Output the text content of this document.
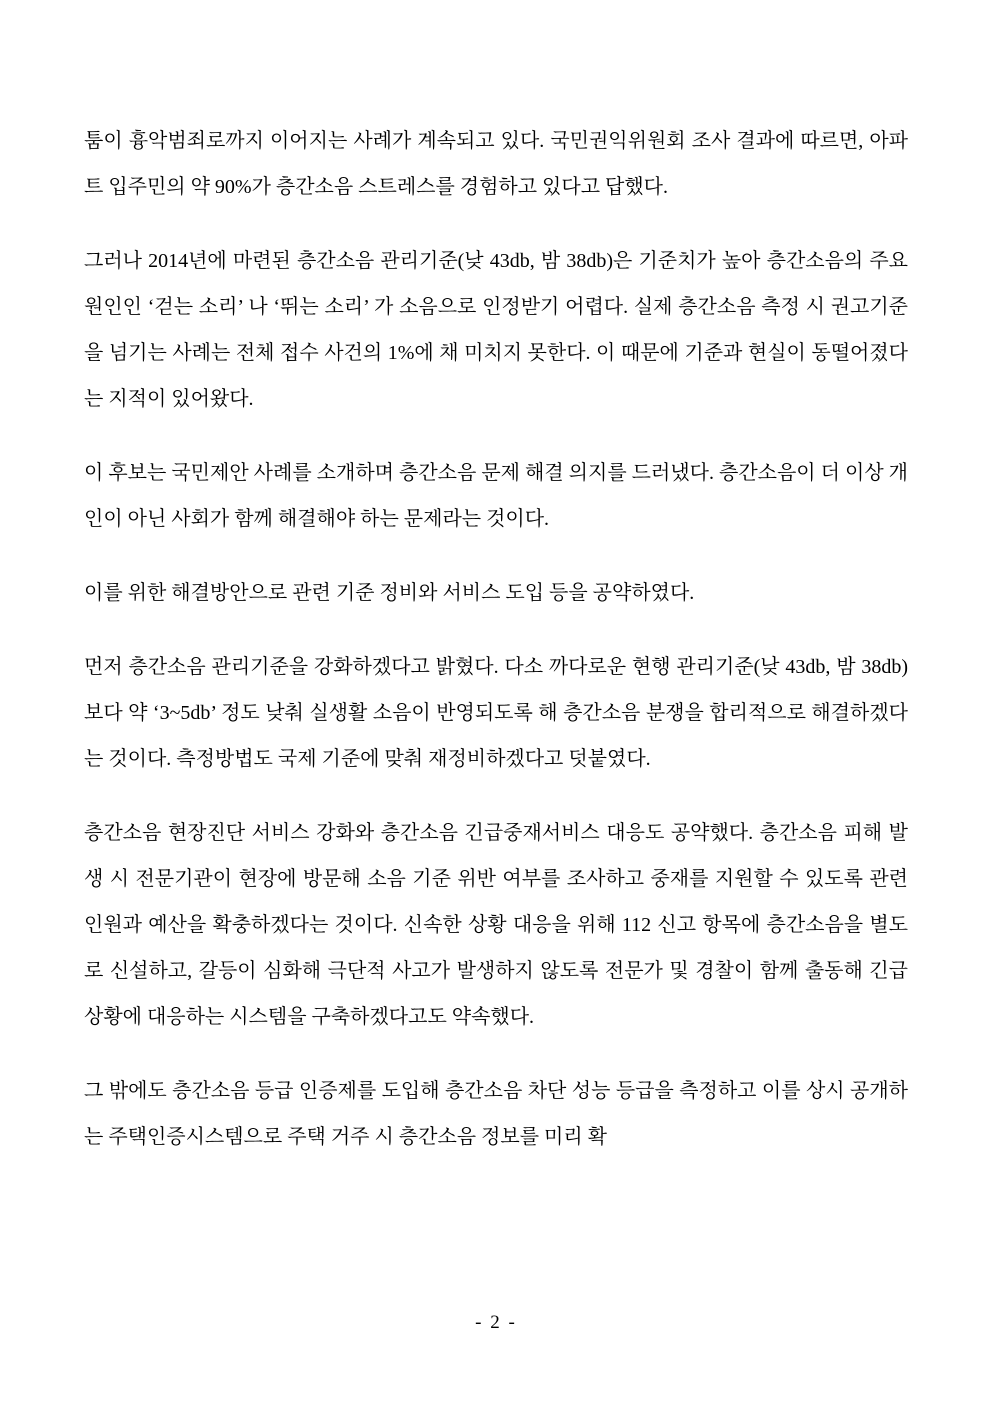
툼이 흉악범죄로까지 이어지는 사례가 계속되고 있다. 국민권익위원회 조사 결과에 따르면, 아파트 입주민의 약 90%가 층간소음 스트레스를 경험하고 있다고 답했다.

그러나 2014년에 마련된 층간소음 관리기준(낮 43db, 밤 38db)은 기준치가 높아 층간소음의 주요 원인인 ‘걷는 소리’ 나 ‘뛰는 소리’ 가 소음으로 인정받기 어렵다. 실제 층간소음 측정 시 권고기준을 넘기는 사례는 전체 접수 사건의 1%에 채 미치지 못한다. 이 때문에 기준과 현실이 동떨어졌다는 지적이 있어왔다.

이 후보는 국민제안 사례를 소개하며 층간소음 문제 해결 의지를 드러냈다. 층간소음이 더 이상 개인이 아닌 사회가 함께 해결해야 하는 문제라는 것이다.

이를 위한 해결방안으로 관련 기준 정비와 서비스 도입 등을 공약하였다.

먼저 층간소음 관리기준을 강화하겠다고 밝혔다. 다소 까다로운 현행 관리기준(낮 43db, 밤 38db)보다 약 ‘3~5db’ 정도 낮춰 실생활 소음이 반영되도록 해 층간소음 분쟁을 합리적으로 해결하겠다는 것이다. 측정방법도 국제 기준에 맞춰 재정비하겠다고 덧붙였다.

층간소음 현장진단 서비스 강화와 층간소음 긴급중재서비스 대응도 공약했다. 층간소음 피해 발생 시 전문기관이 현장에 방문해 소음 기준 위반 여부를 조사하고 중재를 지원할 수 있도록 관련 인원과 예산을 확충하겠다는 것이다. 신속한 상황 대응을 위해 112 신고 항목에 층간소음을 별도로 신설하고, 갈등이 심화해 극단적 사고가 발생하지 않도록 전문가 및 경찰이 함께 출동해 긴급 상황에 대응하는 시스템을 구축하겠다고도 약속했다.

그 밖에도 층간소음 등급 인증제를 도입해 층간소음 차단 성능 등급을 측정하고 이를 상시 공개하는 주택인증시스템으로 주택 거주 시 층간소음 정보를 미리 확

- 2 -
